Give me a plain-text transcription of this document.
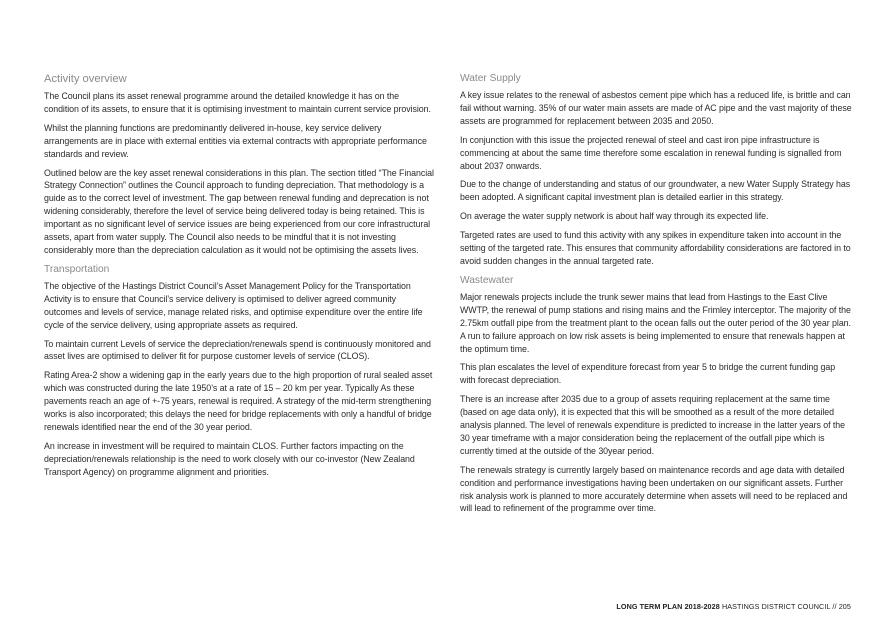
Activity overview

The Council plans its asset renewal programme around the detailed knowledge it has on the condition of its assets, to ensure that it is optimising investment to maintain current service provision.

Whilst the planning functions are predominantly delivered in-house, key service delivery arrangements are in place with external entities via external contracts with appropriate performance standards and review.

Outlined below are the key asset renewal considerations in this plan. The section titled “The Financial Strategy Connection” outlines the Council approach to funding depreciation. That methodology is a guide as to the correct level of investment. The gap between renewal funding and deprecation is not widening considerably, therefore the level of service being delivered today is being retained. This is important as no significant level of service issues are being experienced from our core infrastructural assets, apart from water supply. The Council also needs to be mindful that it is not investing considerably more than the depreciation calculation as it would not be optimising the assets lives.

Transportation

The objective of the Hastings District Council’s Asset Management Policy for the Transportation Activity is to ensure that Council’s service delivery is optimised to deliver agreed community outcomes and levels of service, manage related risks, and optimise expenditure over the entire life cycle of the service delivery, using appropriate assets as required.

To maintain current Levels of service the depreciation/renewals spend is continuously monitored and asset lives are optimised to deliver fit for purpose customer levels of service (CLOS).

Rating Area-2 show a widening gap in the early years due to the high proportion of rural sealed asset which was constructed during the late 1950’s at a rate of 15 – 20 km per year. Typically As these pavements reach an age of +-75 years, renewal is required. A strategy of the mid-term strengthening works is also incorporated; this delays the need for bridge replacements with only a handful of bridge renewals identified near the end of the 30 year period.

An increase in investment will be required to maintain CLOS. Further factors impacting on the depreciation/renewals relationship is the need to work closely with our co-investor (New Zealand Transport Agency) on programme alignment and priorities.

Water Supply

A key issue relates to the renewal of asbestos cement pipe which has a reduced life, is brittle and can fail without warning. 35% of our water main assets are made of AC pipe and the vast majority of these assets are programmed for replacement between 2035 and 2050.

In conjunction with this issue the projected renewal of steel and cast iron pipe infrastructure is commencing at about the same time therefore some escalation in renewal funding is signalled from about 2037 onwards.

Due to the change of understanding and status of our groundwater, a new Water Supply Strategy has been adopted. A significant capital investment plan is detailed earlier in this strategy.

On average the water supply network is about half way through its expected life.

Targeted rates are used to fund this activity with any spikes in expenditure taken into account in the setting of the targeted rate. This ensures that community affordability considerations are factored in to avoid sudden changes in the annual targeted rate.

Wastewater

Major renewals projects include the trunk sewer mains that lead from Hastings to the East Clive WWTP, the renewal of pump stations and rising mains and the Frimley interceptor. The majority of the 2.75km outfall pipe from the treatment plant to the ocean falls out the outer period of the 30 year plan. A run to failure approach on low risk assets is being implemented to ensure that renewals happen at the optimum time.

This plan escalates the level of expenditure forecast from year 5 to bridge the current funding gap with forecast depreciation.

There is an increase after 2035 due to a group of assets requiring replacement at the same time (based on age data only), it is expected that this will be smoothed as a result of the more detailed analysis planned. The level of renewals expenditure is predicted to increase in the latter years of the 30 year timeframe with a major consideration being the replacement of the outfall pipe which is currently timed at the outside of the 30year period.

The renewals strategy is currently largely based on maintenance records and age data with detailed condition and performance investigations having been undertaken on our significant assets. Further risk analysis work is planned to more accurately determine when assets will need to be replaced and will lead to refinement of the programme over time.

LONG TERM PLAN 2018-2028 HASTINGS DISTRICT COUNCIL // 205
